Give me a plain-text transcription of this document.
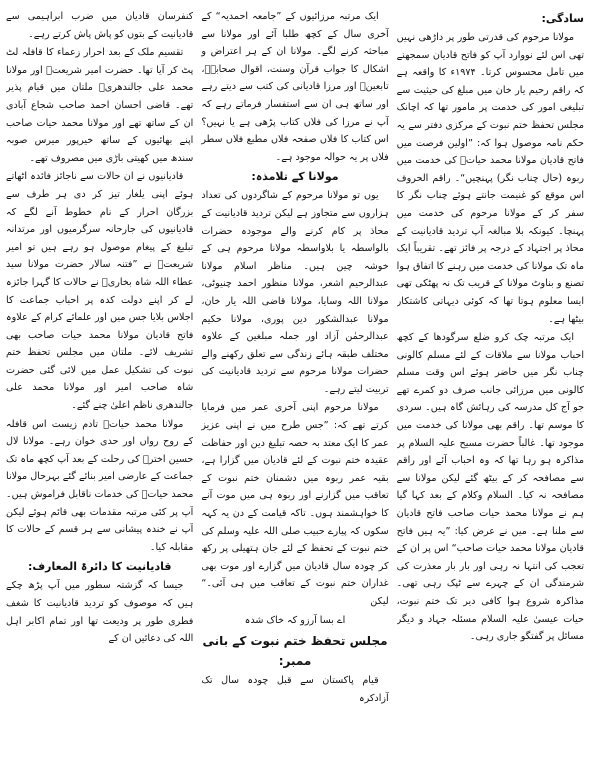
سادگی:

مولانا مرحوم کی قدرتی طور پر داڑھی نہیں تھی اس لئے نووارد آپ کو فاتح قادیان سمجھنے میں تامل محسوس کرتا۔ ۱۹۷۴ء کا واقعہ ہے کہ راقم رحیم یار خان میں مبلغ کی حیثیت سے تبلیغی امور کی خدمت پر مامور تھا کہ اچانک مجلس تحفظ ختم نبوت کے مرکزی دفتر سے یہ حکم نامہ موصول ہوا کہ: ”اولین فرصت میں فاتح قادیان مولانا محمد حیاتؒ کی خدمت میں ربوہ (حال چناب نگر) پہنچیں“۔ راقم الحروف اس موقع کو غنیمت جانتے ہوئے چناب نگر کا سفر کر کے مولانا مرحوم کی خدمت میں پہنچا۔ کیونکہ بلا مبالغہ آپ تردید قادیانیت کے محاذ پر اجتہاد کے درجہ پر فائز تھے۔ تقریباً ایک ماہ تک مولانا کی خدمت میں رہنے کا اتفاق ہوا تصنع و بناوٹ مولانا کے قریب تک نہ پھٹکی تھی ایسا معلوم ہوتا تھا کہ کوئی دیہاتی کاشتکار بیٹھا ہے۔

ایک مرتبہ چک کرو ضلع سرگودھا کے کچھ احباب مولانا سے ملاقات کے لئے مسلم کالونی چناب نگر میں حاضر ہوئے اس وقت مسلم کالونی میں مرزائی جانب صرف دو کمرے تھے جو آج کل مدرسہ کی رہائش گاہ ہیں۔ سردی کا موسم تھا۔ راقم بھی مولانا کی خدمت میں موجود تھا۔ غالباً حضرت مسیح علیہ السلام پر مذاکرہ ہو رہا تھا کہ وہ احباب آئے اور راقم سے مصافحہ کر کے بیٹھ گئے لیکن مولانا سے مصافحہ نہ کیا۔ السلام وکلام کے بعد کہا گیا ہم نے مولانا محمد حیات صاحب فاتح قادیان سے ملنا ہے۔ میں نے عرض کیا: ”یہ ہیں فاتح قادیان مولانا محمد حیات صاحب“ اس پر ان کے تعجب کی انتہا نہ رہی اور بار بار معذرت کی شرمندگی ان کے چہرے سے ٹپک رہی تھی۔ مذاکرہ شروع ہوا کافی دیر تک ختم نبوت، حیات عیسیٰ علیہ السلام مسئلہ جہاد و دیگر مسائل پر گفتگو جاری رہی۔

ایک مرتبہ مرزائیوں کے ”جامعہ احمدیہ“ کے آخری سال کے کچھ طلبا آئے اور مولانا سے مباحثہ کرنے لگے۔ مولانا ان کے ہر اعتراض و اشکال کا جواب قرآن وسنت، اقوال صحابہؓ، تابعینؒ اور مرزا قادیانی کی کتب سے دیتے رہے اور ساتھ ہی ان سے استفسار فرماتے رہے کہ آپ نے مرزا کی فلاں کتاب پڑھی ہے یا نہیں؟ اس کتاب کا فلاں صفحہ فلاں مطبع فلاں سطر فلاں پر یہ حوالہ موجود ہے۔

مولانا کے تلامذہ:

یوں تو مولانا مرحوم کے شاگردوں کی تعداد ہزاروں سے متجاوز ہے لیکن تردید قادیانیت کے محاذ پر کام کرنے والے موجودہ حضرات بالواسطہ یا بلاواسطہ مولانا مرحوم ہی کے خوشہ چین ہیں۔ مناظر اسلام مولانا عبدالرحیم اشعر، مولانا منظور احمد چنیوٹی، مولانا اللہ وسایا، مولانا قاضی اللہ یار خان، مولانا عبدالشکور دین پوری، مولانا حکیم عبدالرحمٰن آزاد اور جملہ مبلغین کے علاوہ مختلف طبقہ ہائے زندگی سے تعلق رکھنے والے حضرات مولانا مرحوم سے تردید قادیانیت کی تربیت لیتے رہے۔

مولانا مرحوم اپنی آخری عمر میں فرمایا کرتے تھے کہ: ”جس طرح میں نے اپنی عزیز عمر کا ایک معتد بہ حصہ تبلیغ دین اور حفاظت عقیدہ ختم نبوت کے لئے قادیان میں گزارا ہے، بقیہ عمر ربوہ میں دشمنان ختم نبوت کے تعاقب میں گزارنے اور ربوہ ہی میں موت آنے کا خواہشمند ہوں۔ تاکہ قیامت کے دن یہ کہہ سکوں کہ پیارے حبیب صلی اللہ علیہ وسلم کی ختم نبوت کے تحفظ کے لئے جان ہتھیلی پر رکھ کر چودہ سال قادیان میں گزارے اور موت بھی غداران ختم نبوت کے تعاقب میں ہی آئی۔“ لیکن

اے بسا آرزو کہ خاک شدہ

مجلس تحفظ ختم نبوت کے بانی ممبر:

قیام پاکستان سے قبل چودہ سال تک آزادکرہ

کنفرسان قادیان میں ضرب ابراہیمی سے قادیانیت کے بتوں کو پاش پاش کرتے رہے۔

تقسیم ملک کے بعد احرار زعماء کا قافلہ لٹ پٹ کر آیا تھا۔ حضرت امیر شریعتؒ اور مولانا محمد علی جالندھریؒ ملتان میں قیام پذیر تھے۔ قاضی احسان احمد صاحب شجاع آبادی ان کے ساتھ تھے اور مولانا محمد حیات صاحب اپنے بھائیوں کے ساتھ خیرپور میرس صوبہ سندھ میں کھیتی باڑی میں مصروف تھے۔

قادیانیوں نے ان حالات سے ناجائز فائدہ اٹھاتے ہوئے اپنی یلغار تیز کر دی ہر طرف سے بزرگان احرار کے نام خطوط آنے لگے کہ قادیانیوں کی جارحانہ سرگرمیوں اور مرتدانہ تبلیغ کے پیغام موصول ہو رہے ہیں تو امیر شریعتؒ نے ”فتنہ سالار حضرت مولانا سید عطاء اللہ شاہ بخاریؒ نے حالات کا گہرا جائزہ لے کر اپنے دولت کدہ پر احباب جماعت کا اجلاس بلایا جس میں اور علمائے کرام کے علاوہ فاتح قادیان مولانا محمد حیات صاحب بھی تشریف لائے۔ ملتان میں مجلس تحفظ ختم نبوت کی تشکیل عمل میں لائی گئی حضرت شاہ صاحب امیر اور مولانا محمد علی جالندھری ناظم اعلیٰ چنے گئے۔

مولانا محمد حیاتؒ تادم زیست اس قافلہ کے روح رواں اور حدی خوان رہے۔ مولانا لال حسین اخترؒ کی رحلت کے بعد آپ کچھ ماہ تک جماعت کے عارضی امیر بنائے گئے بہرحال مولانا محمد حیاتؒ کی خدمات ناقابل فراموش ہیں۔ آپ پر کئی مرتبہ مقدمات بھی قائم ہوئے لیکن آپ نے خندہ پیشانی سے ہر قسم کے حالات کا مقابلہ کیا۔

قادیانیت کا دائرۃ المعارف:

جیسا کہ گزشتہ سطور میں آپ پڑھ چکے ہیں کہ موصوف کو تردید قادیانیت کا شغف فطری طور پر ودیعت تھا اور تمام اکابر اہل اللہ کی دعائیں ان کے
